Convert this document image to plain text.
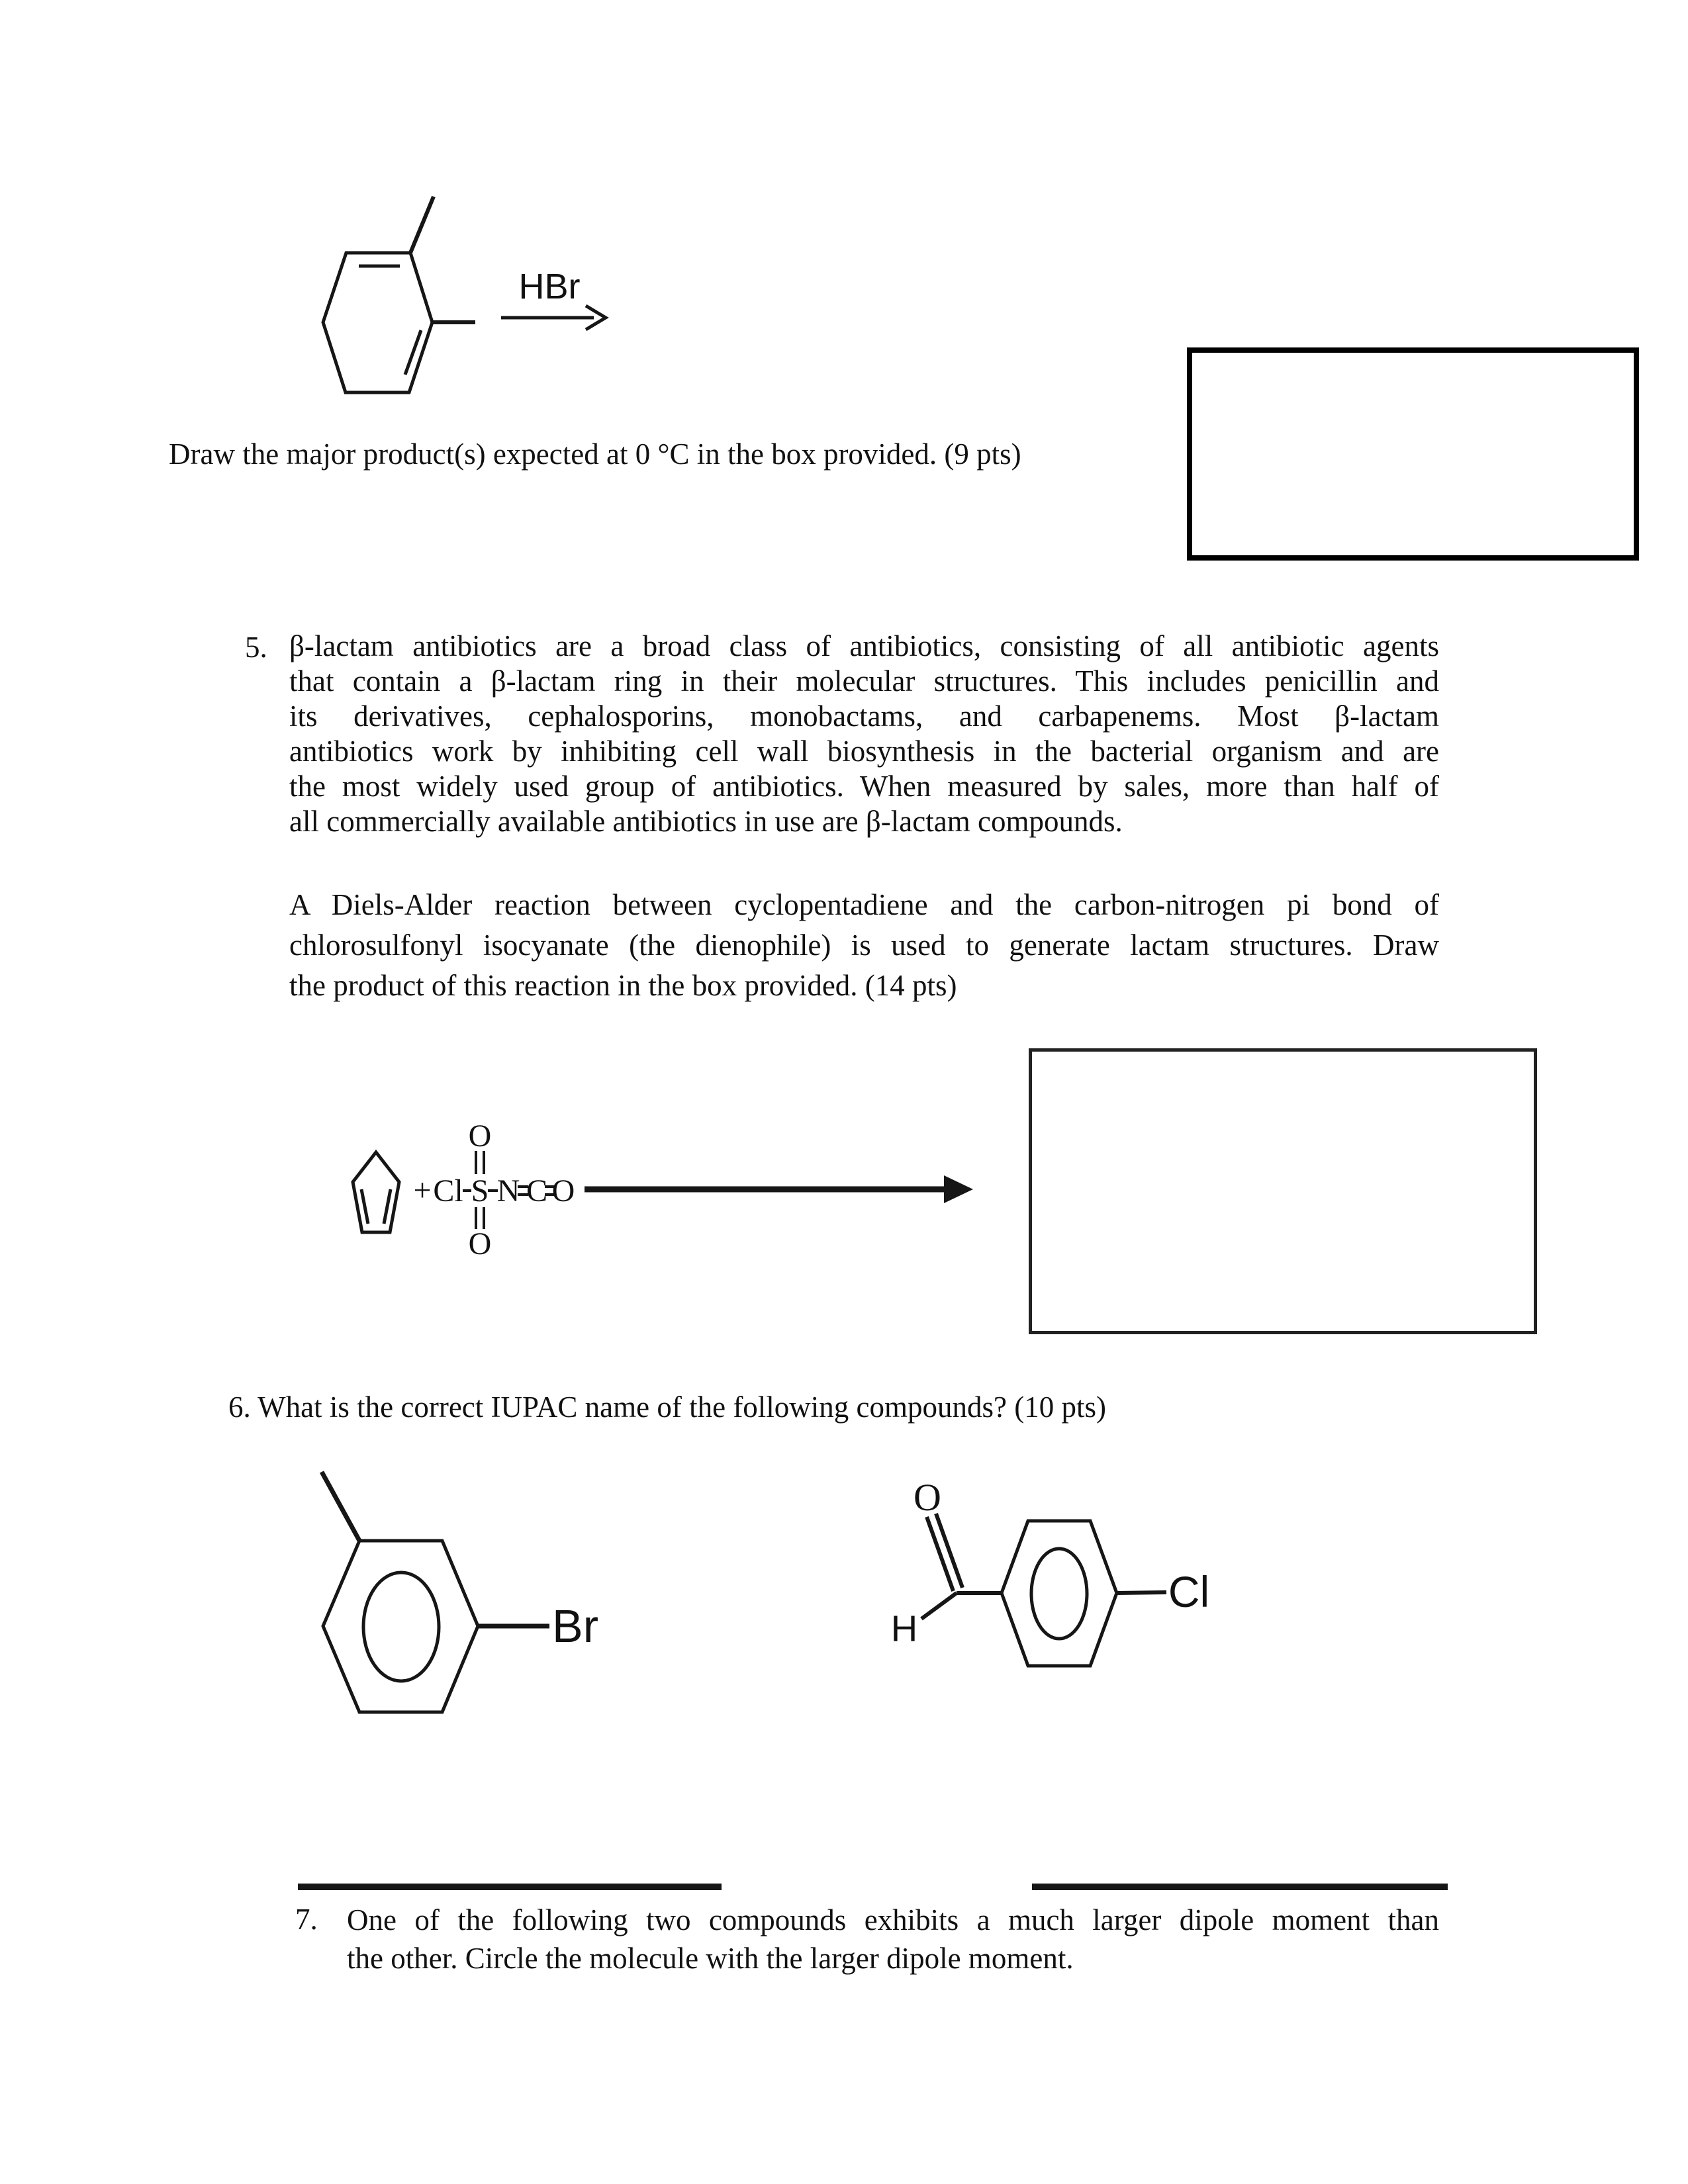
HBr
Draw the major product(s) expected at 0 °C in the box provided. (9 pts)
5. β-lactam antibiotics are a broad class of antibiotics, consisting of all antibiotic agents
that contain a β-lactam ring in their molecular structures. This includes penicillin and
its derivatives, cephalosporins, monobactams, and carbapenems. Most β-lactam
antibiotics work by inhibiting cell wall biosynthesis in the bacterial organism and are
the most widely used group of antibiotics. When measured by sales, more than half of
all commercially available antibiotics in use are β-lactam compounds.
A Diels-Alder reaction between cyclopentadiene and the carbon-nitrogen pi bond of
chlorosulfonyl isocyanate (the dienophile) is used to generate lactam structures. Draw
the product of this reaction in the box provided. (14 pts)
+ Cl S N C O
O
O
6. What is the correct IUPAC name of the following compounds? (10 pts)
Br
O
H
Cl
7. One of the following two compounds exhibits a much larger dipole moment than
the other. Circle the molecule with the larger dipole moment.
